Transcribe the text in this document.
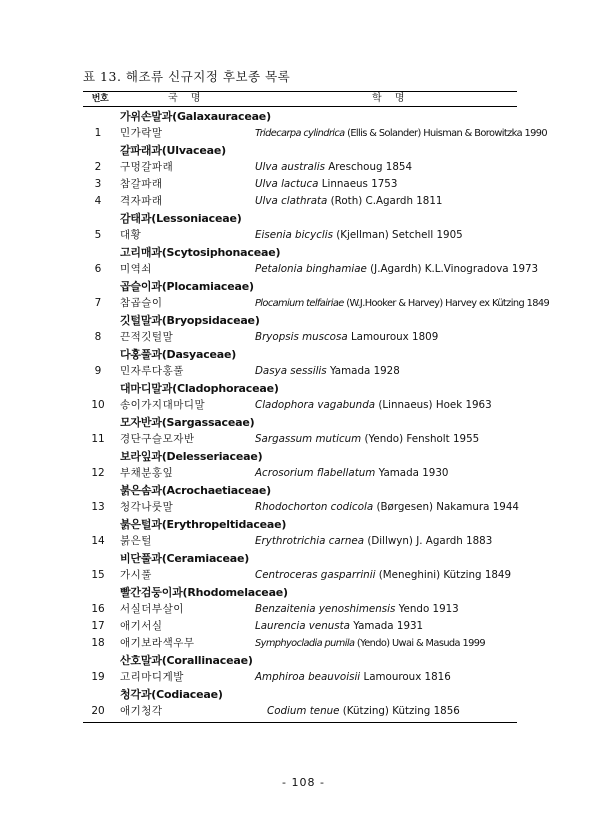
표 13. 해조류 신규지정 후보종 목록
번호	국 명	학 명
가위손말과(Galaxauraceae)
1	민가락말	Tridecarpa cylindrica (Ellis & Solander) Huisman & Borowitzka 1990
갈파래과(Ulvaceae)
2	구멍갈파래	Ulva australis Areschoug 1854
3	참갈파래	Ulva lactuca Linnaeus 1753
4	격자파래	Ulva clathrata (Roth) C.Agardh 1811
감태과(Lessoniaceae)
5	대황	Eisenia bicyclis (Kjellman) Setchell 1905
고리매과(Scytosiphonaceae)
6	미역쇠	Petalonia binghamiae (J.Agardh) K.L.Vinogradova 1973
곱슬이과(Plocamiaceae)
7	참곱슬이	Plocamium telfairiae (W.J.Hooker & Harvey) Harvey ex Kützing 1849
깃털말과(Bryopsidaceae)
8	끈적깃털말	Bryopsis muscosa Lamouroux 1809
다홍풀과(Dasyaceae)
9	민자루다홍풀	Dasya sessilis Yamada 1928
대마디말과(Cladophoraceae)
10	송이가지대마디말	Cladophora vagabunda (Linnaeus) Hoek 1963
모자반과(Sargassaceae)
11	경단구슬모자반	Sargassum muticum (Yendo) Fensholt 1955
보라잎과(Delesseriaceae)
12	부채분홍잎	Acrosorium flabellatum Yamada 1930
붉은솜과(Acrochaetiaceae)
13	청각나룻말	Rhodochorton codicola (Børgesen) Nakamura 1944
붉은털과(Erythropeltidaceae)
14	붉은털	Erythrotrichia carnea (Dillwyn) J. Agardh 1883
비단풀과(Ceramiaceae)
15	가시풀	Centroceras gasparrinii (Meneghini) Kützing 1849
빨간검둥이과(Rhodomelaceae)
16	서실더부살이	Benzaitenia yenoshimensis Yendo 1913
17	애기서실	Laurencia venusta Yamada 1931
18	애기보라색우무	Symphyocladia pumila (Yendo) Uwai & Masuda 1999
산호말과(Corallinaceae)
19	고리마디게발	Amphiroa beauvoisii Lamouroux 1816
청각과(Codiaceae)
20	애기청각	Codium tenue (Kützing) Kützing 1856
- 108 -
